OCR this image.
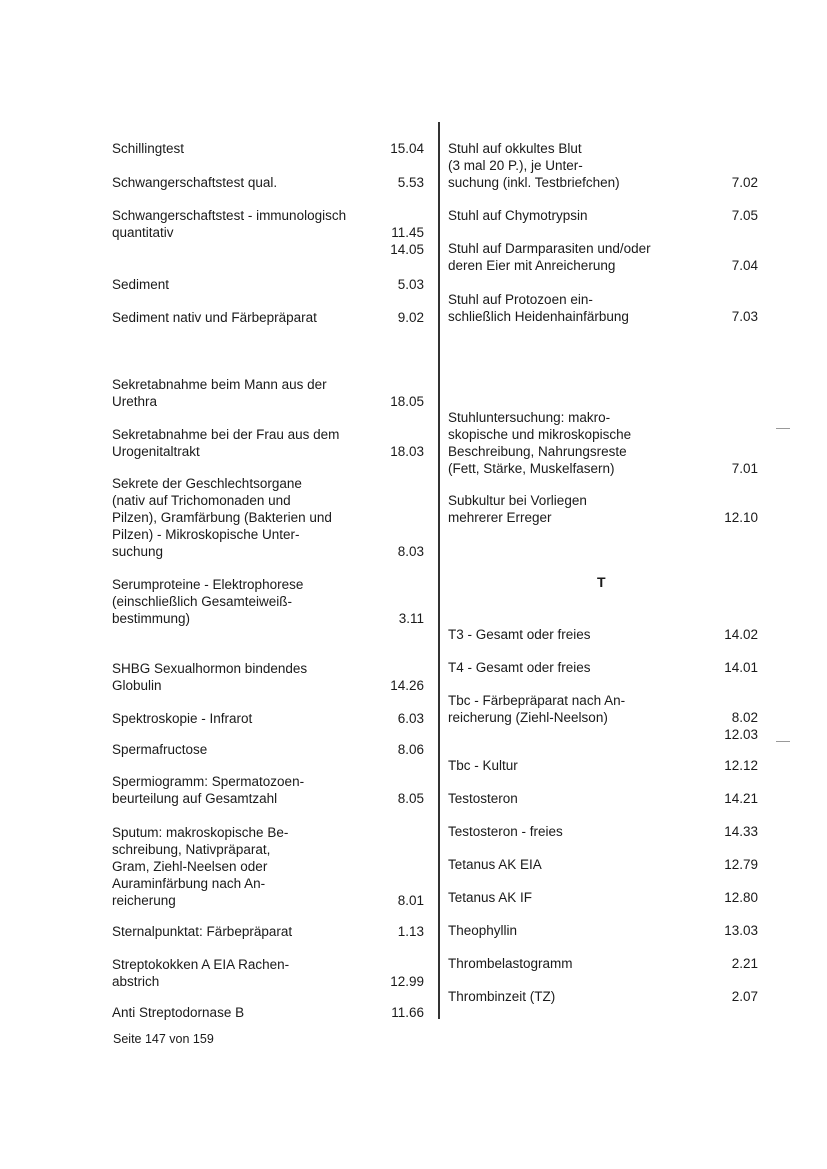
Schillingtest	15.04
Schwangerschaftstest qual.	5.53
Schwangerschaftstest - immunologisch
quantitativ	11.45
14.05
Sediment	5.03
Sediment nativ und Färbepräparat	9.02
Sekretabnahme beim Mann aus der
Urethra	18.05
Sekretabnahme bei der Frau aus dem
Urogenitaltrakt	18.03
Sekrete der Geschlechtsorgane
(nativ auf Trichomonaden und
Pilzen), Gramfärbung (Bakterien und
Pilzen) - Mikroskopische Unter-
suchung	8.03
Serumproteine - Elektrophorese
(einschließlich Gesamteiweiß-
bestimmung)	3.11
SHBG Sexualhormon bindendes
Globulin	14.26
Spektroskopie - Infrarot	6.03
Spermafructose	8.06
Spermiogramm: Spermatozoen-
beurteilung auf Gesamtzahl	8.05
Sputum: makroskopische Be-
schreibung, Nativpräparat,
Gram, Ziehl-Neelsen oder
Auraminfärbung nach An-
reicherung	8.01
Sternalpunktat: Färbepräparat	1.13
Streptokokken A EIA Rachen-
abstrich	12.99
Anti Streptodornase B	11.66
Stuhl auf okkultes Blut
(3 mal 20 P.), je Unter-
suchung (inkl. Testbriefchen)	7.02
Stuhl auf Chymotrypsin	7.05
Stuhl auf Darmparasiten und/oder
deren Eier mit Anreicherung	7.04
Stuhl auf Protozoen ein-
schließlich Heidenhainfärbung	7.03
Stuhluntersuchung: makro-
skopische und mikroskopische
Beschreibung, Nahrungsreste
(Fett, Stärke, Muskelfasern)	7.01
Subkultur bei Vorliegen
mehrerer Erreger	12.10
T3 - Gesamt oder freies	14.02
T4 - Gesamt oder freies	14.01
Tbc - Färbepräparat nach An-
reicherung (Ziehl-Neelson)	8.02
12.03
Tbc - Kultur	12.12
Testosteron	14.21
Testosteron - freies	14.33
Tetanus AK EIA	12.79
Tetanus AK IF	12.80
Theophyllin	13.03
Thrombelastogramm	2.21
Thrombinzeit (TZ)	2.07
T
Seite 147 von 159
